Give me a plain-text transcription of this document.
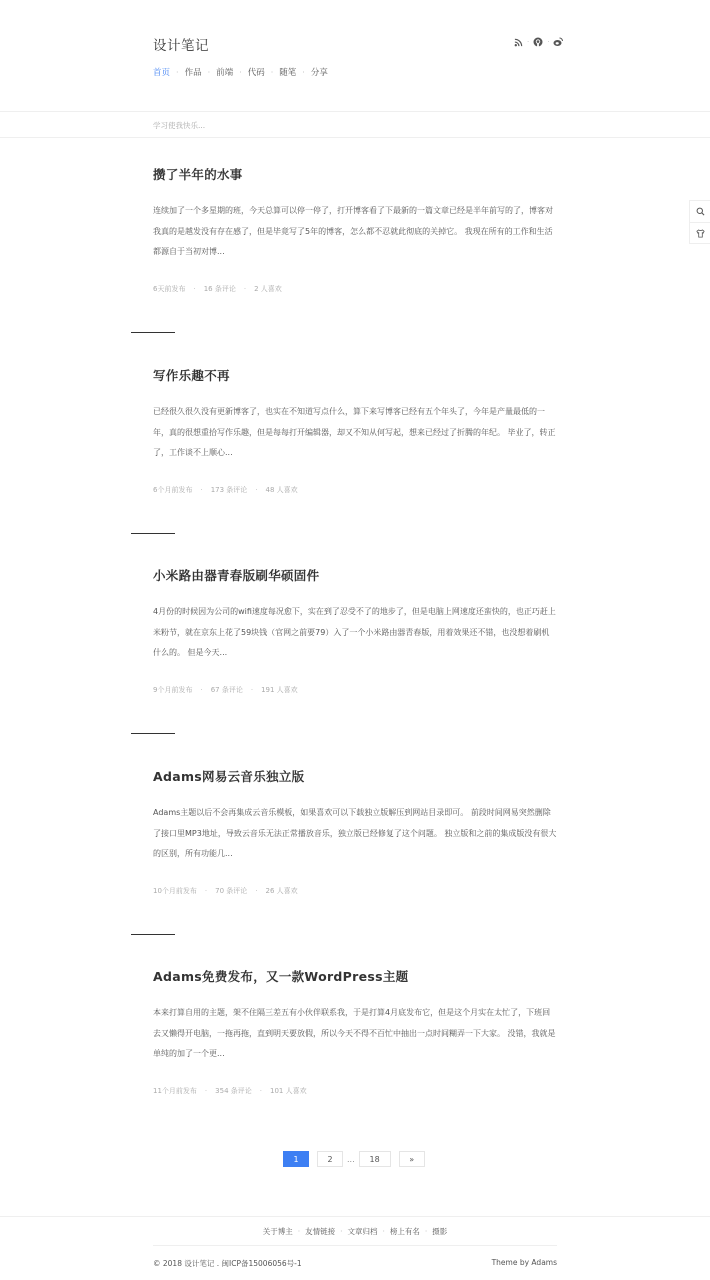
设计笔记
首页 · 作品 · 前端 · 代码 · 随笔 · 分享
·	·
学习使我快乐...
攒了半年的水事
连续加了一个多星期的班，今天总算可以停一停了，打开博客看了下最新的一篇文章已经是半年前写的了，博客对我真的是越发没有存在感了，但是毕竟写了5年的博客，怎么都不忍就此彻底的关掉它。 我现在所有的工作和生活都源自于当初对博...
6天前发布 · 16 条评论 · 2 人喜欢
写作乐趣不再
已经很久很久没有更新博客了，也实在不知道写点什么，算下来写博客已经有五个年头了，今年是产量最低的一年，真的很想重拾写作乐趣，但是每每打开编辑器，却又不知从何写起，想来已经过了折腾的年纪。 毕业了，转正了，工作谈不上顺心...
6个月前发布 · 173 条评论 · 48 人喜欢
小米路由器青春版刷华硕固件
4月份的时候因为公司的wifi速度每况愈下，实在到了忍受不了的地步了，但是电脑上网速度还蛮快的，也正巧赶上米粉节，就在京东上花了59块钱（官网之前要79）入了一个小米路由器青春版，用着效果还不错，也没想着刷机什么的。 但是今天...
9个月前发布 · 67 条评论 · 191 人喜欢
Adams网易云音乐独立版
Adams主题以后不会再集成云音乐模板，如果喜欢可以下载独立版解压到网站目录即可。 前段时间网易突然删除了接口里MP3地址，导致云音乐无法正常播放音乐，独立版已经修复了这个问题。 独立版和之前的集成版没有很大的区别，所有功能几...
10个月前发布 · 70 条评论 · 26 人喜欢
Adams免费发布，又一款WordPress主题
本来打算自用的主题，架不住隔三差五有小伙伴联系我，于是打算4月底发布它，但是这个月实在太忙了，下班回去又懒得开电脑，一拖再拖，直到明天要放假，所以今天不得不百忙中抽出一点时间糊弄一下大家。 没错，我就是单纯的加了一个更...
11个月前发布 · 354 条评论 · 101 人喜欢
1	2	...	18	»
关于博主 · 友情链接 · 文章归档 · 榜上有名 · 摄影
© 2018 设计笔记 . 闽ICP备15006056号-1	Theme by Adams
